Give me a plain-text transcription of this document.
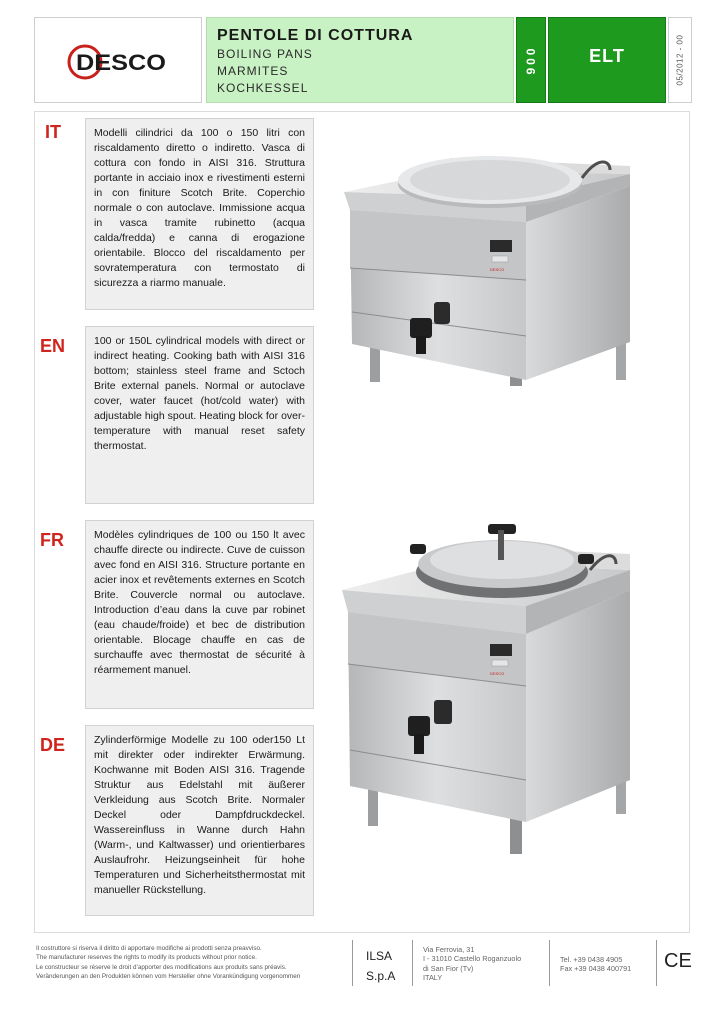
DESCO
PENTOLE DI COTTURA
BOILING PANS
MARMITES
KOCHKESSEL
900	ELT	05/2012 - 00
IT	Modelli cilindrici da 100 o 150 litri con riscaldamento diretto o indiretto. Vasca di cottura con fondo in AISI 316. Struttura portante in acciaio inox e rivestimenti esterni in con finiture Scotch Brite. Coperchio normale o con autoclave. Immissione acqua in vasca tramite rubinetto (acqua calda/fredda) e canna di erogazione orientabile. Blocco del riscaldamento per sovratemperatura con termostato di sicurezza a riarmo manuale.
EN	100 or 150L cylindrical models with direct or indirect heating. Cooking bath with AISI 316 bottom; stainless steel frame and Sctoch Brite external panels. Normal or autoclave cover, water faucet (hot/cold water) with adjustable high spout. Heating block for over-temperature with manual reset safety thermostat.
FR	Modèles cylindriques de 100 ou 150 lt avec chauffe directe ou indirecte. Cuve de cuisson avec fond en AISI 316. Structure portante en acier inox et revêtements externes en Scotch Brite. Couvercle normal ou autoclave. Introduction d’eau dans la cuve par robinet (eau chaude/froide) et bec de distribution orientable. Blocage chauffe en cas de surchauffe avec thermostat de sécurité à réarmement manuel.
DE	Zylinderförmige Modelle zu 100 oder150 Lt mit direkter oder indirekter Erwärmung. Kochwanne mit Boden AISI 316. Tragende Struktur aus Edelstahl mit äußerer Verkleidung aus Scotch Brite. Normaler Deckel oder Dampfdruckdeckel. Wassereinfluss in Wanne durch Hahn (Warm-, und Kaltwasser) und orientierbares Auslaufrohr. Heizungseinheit für hohe Temperaturen und Sicherheitsthermostat mit manueller Rückstellung.
DESCO
DESCO
Il costruttore si riserva il diritto di apportare modifiche ai prodotti senza preavviso.
The manufacturer reserves the rights to modify its products without prior notice.
Le constructeur se réserve le droit d’apporter des modifications aux produits sans préavis.
Veränderungen an den Produkten können vom Hersteller ohne Vorankündigung vorgenommen
ILSA
S.p.A
Via Ferrovia, 31
I - 31010 Castello Roganzuolo
di San Fior (Tv)
ITALY
Tel. +39 0438 4905
Fax +39 0438 400791 CE
